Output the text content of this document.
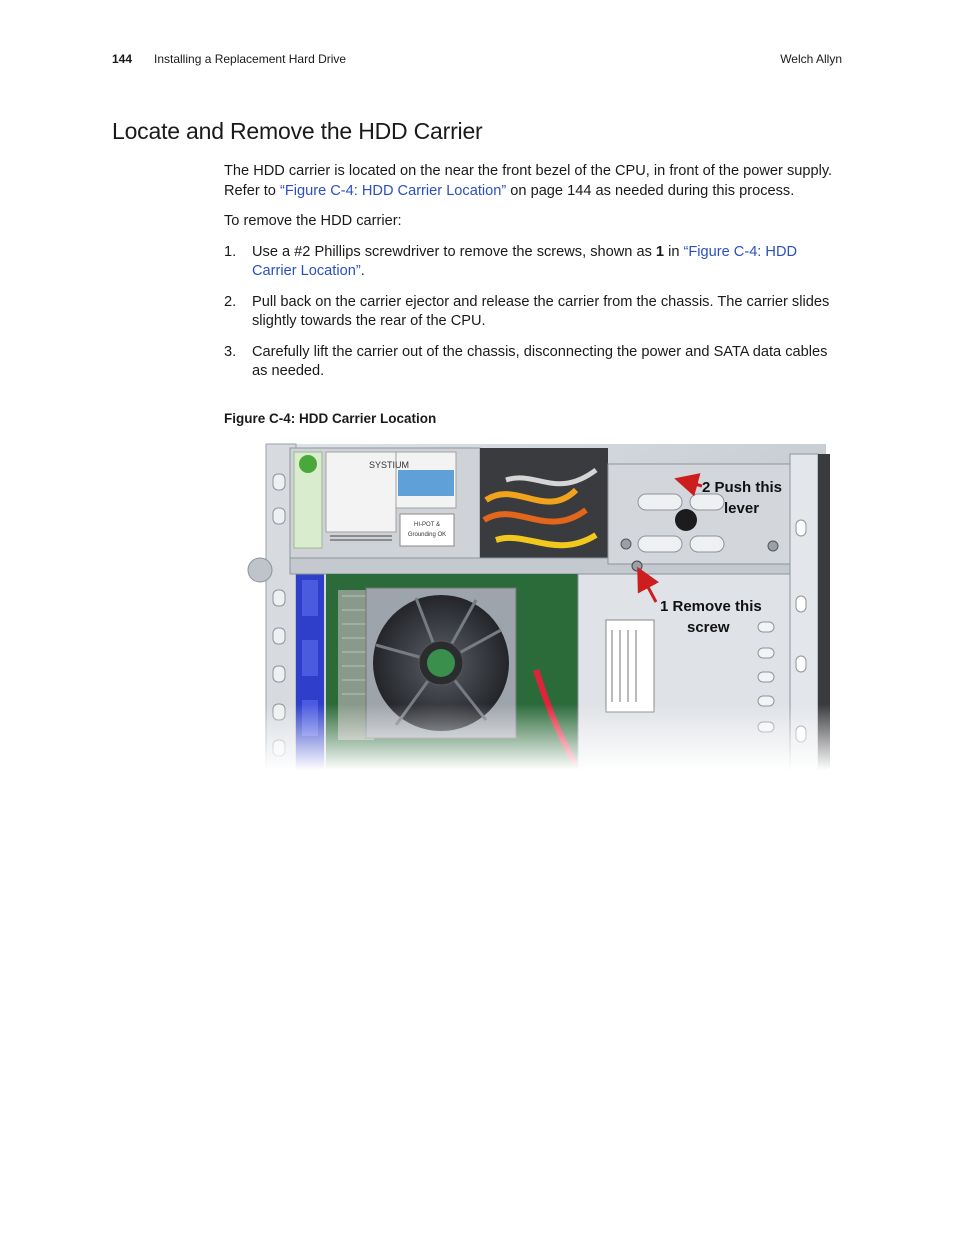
144 Installing a Replacement Hard Drive	Welch Allyn
Locate and Remove the HDD Carrier

The HDD carrier is located on the near the front bezel of the CPU, in front of the power supply. Refer to “Figure C-4: HDD Carrier Location” on page 144 as needed during this process.

To remove the HDD carrier:

1. Use a #2 Phillips screwdriver to remove the screws, shown as 1 in “Figure C-4: HDD Carrier Location”.
2. Pull back on the carrier ejector and release the carrier from the chassis. The carrier slides slightly towards the rear of the CPU.
3. Carefully lift the carrier out of the chassis, disconnecting the power and SATA data cables as needed.
Figure C-4: HDD Carrier Location
